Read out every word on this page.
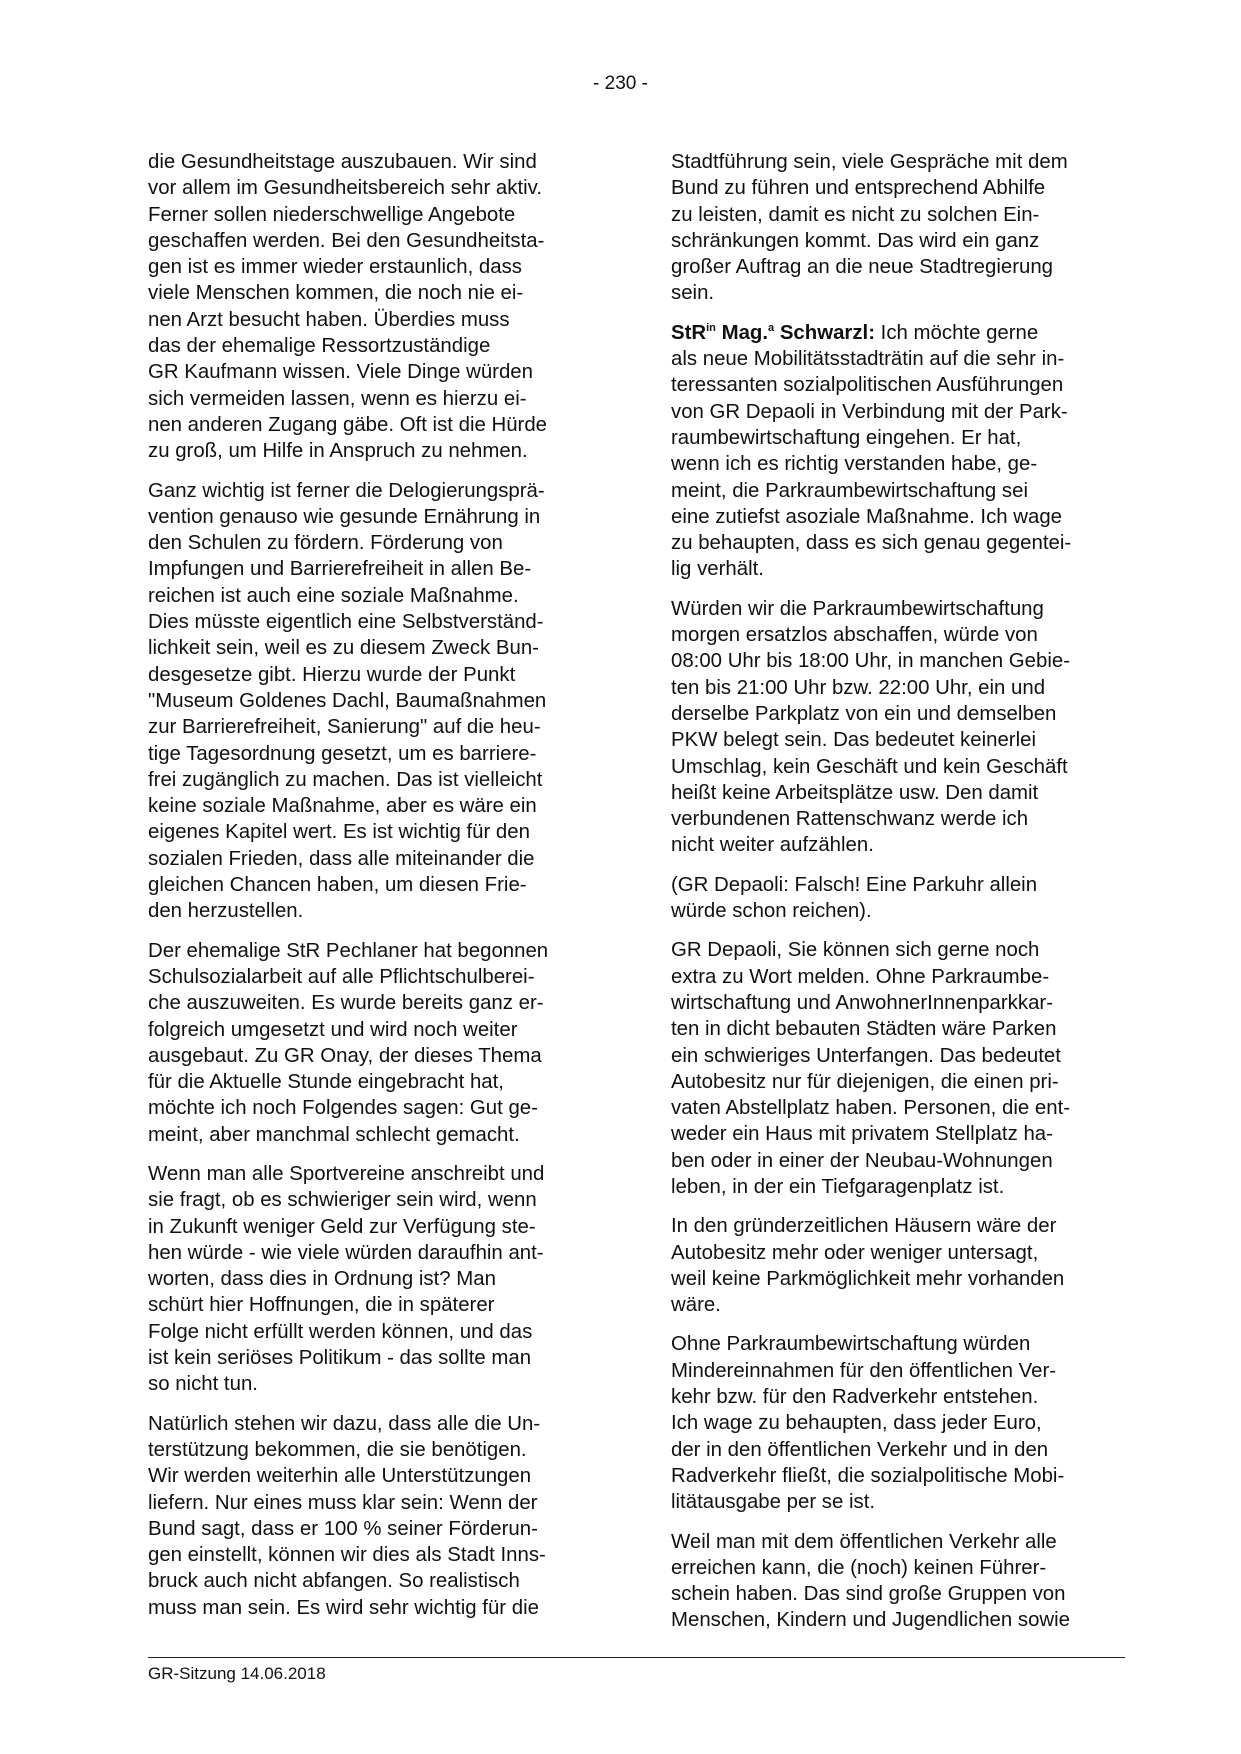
- 230 -
die Gesundheitstage auszubauen. Wir sind
vor allem im Gesundheitsbereich sehr aktiv.
Ferner sollen niederschwellige Angebote
geschaffen werden. Bei den Gesundheitsta-
gen ist es immer wieder erstaunlich, dass
viele Menschen kommen, die noch nie ei-
nen Arzt besucht haben. Überdies muss
das der ehemalige Ressortzuständige
GR Kaufmann wissen. Viele Dinge würden
sich vermeiden lassen, wenn es hierzu ei-
nen anderen Zugang gäbe. Oft ist die Hürde
zu groß, um Hilfe in Anspruch zu nehmen.
Ganz wichtig ist ferner die Delogierungsprä-
vention genauso wie gesunde Ernährung in
den Schulen zu fördern. Förderung von
Impfungen und Barrierefreiheit in allen Be-
reichen ist auch eine soziale Maßnahme.
Dies müsste eigentlich eine Selbstverständ-
lichkeit sein, weil es zu diesem Zweck Bun-
desgesetze gibt. Hierzu wurde der Punkt
"Museum Goldenes Dachl, Baumaßnahmen
zur Barrierefreiheit, Sanierung" auf die heu-
tige Tagesordnung gesetzt, um es barriere-
frei zugänglich zu machen. Das ist vielleicht
keine soziale Maßnahme, aber es wäre ein
eigenes Kapitel wert. Es ist wichtig für den
sozialen Frieden, dass alle miteinander die
gleichen Chancen haben, um diesen Frie-
den herzustellen.
Der ehemalige StR Pechlaner hat begonnen
Schulsozialarbeit auf alle Pflichtschulberei-
che auszuweiten. Es wurde bereits ganz er-
folgreich umgesetzt und wird noch weiter
ausgebaut. Zu GR Onay, der dieses Thema
für die Aktuelle Stunde eingebracht hat,
möchte ich noch Folgendes sagen: Gut ge-
meint, aber manchmal schlecht gemacht.
Wenn man alle Sportvereine anschreibt und
sie fragt, ob es schwieriger sein wird, wenn
in Zukunft weniger Geld zur Verfügung ste-
hen würde - wie viele würden daraufhin ant-
worten, dass dies in Ordnung ist? Man
schürt hier Hoffnungen, die in späterer
Folge nicht erfüllt werden können, und das
ist kein seriöses Politikum - das sollte man
so nicht tun.
Natürlich stehen wir dazu, dass alle die Un-
terstützung bekommen, die sie benötigen.
Wir werden weiterhin alle Unterstützungen
liefern. Nur eines muss klar sein: Wenn der
Bund sagt, dass er 100 % seiner Förderun-
gen einstellt, können wir dies als Stadt Inns-
bruck auch nicht abfangen. So realistisch
muss man sein. Es wird sehr wichtig für die
Stadtführung sein, viele Gespräche mit dem
Bund zu führen und entsprechend Abhilfe
zu leisten, damit es nicht zu solchen Ein-
schränkungen kommt. Das wird ein ganz
großer Auftrag an die neue Stadtregierung
sein.
StR$^{in}$ Mag.$^a$ Schwarzl: Ich möchte gerne
als neue Mobilitätsstadträtin auf die sehr in-
teressanten sozialpolitischen Ausführungen
von GR Depaoli in Verbindung mit der Park-
raumbewirtschaftung eingehen. Er hat,
wenn ich es richtig verstanden habe, ge-
meint, die Parkraumbewirtschaftung sei
eine zutiefst asoziale Maßnahme. Ich wage
zu behaupten, dass es sich genau gegentei-
lig verhält.
Würden wir die Parkraumbewirtschaftung
morgen ersatzlos abschaffen, würde von
08:00 Uhr bis 18:00 Uhr, in manchen Gebie-
ten bis 21:00 Uhr bzw. 22:00 Uhr, ein und
derselbe Parkplatz von ein und demselben
PKW belegt sein. Das bedeutet keinerlei
Umschlag, kein Geschäft und kein Geschäft
heißt keine Arbeitsplätze usw. Den damit
verbundenen Rattenschwanz werde ich
nicht weiter aufzählen.
(GR Depaoli: Falsch! Eine Parkuhr allein
würde schon reichen).
GR Depaoli, Sie können sich gerne noch
extra zu Wort melden. Ohne Parkraumbe-
wirtschaftung und AnwohnerInnenparkkar-
ten in dicht bebauten Städten wäre Parken
ein schwieriges Unterfangen. Das bedeutet
Autobesitz nur für diejenigen, die einen pri-
vaten Abstellplatz haben. Personen, die ent-
weder ein Haus mit privatem Stellplatz ha-
ben oder in einer der Neubau-Wohnungen
leben, in der ein Tiefgaragenplatz ist.
In den gründerzeitlichen Häusern wäre der
Autobesitz mehr oder weniger untersagt,
weil keine Parkmöglichkeit mehr vorhanden
wäre.
Ohne Parkraumbewirtschaftung würden
Mindereinnahmen für den öffentlichen Ver-
kehr bzw. für den Radverkehr entstehen.
Ich wage zu behaupten, dass jeder Euro,
der in den öffentlichen Verkehr und in den
Radverkehr fließt, die sozialpolitische Mobi-
litätausgabe per se ist.
Weil man mit dem öffentlichen Verkehr alle
erreichen kann, die (noch) keinen Führer-
schein haben. Das sind große Gruppen von
Menschen, Kindern und Jugendlichen sowie
GR-Sitzung 14.06.2018
